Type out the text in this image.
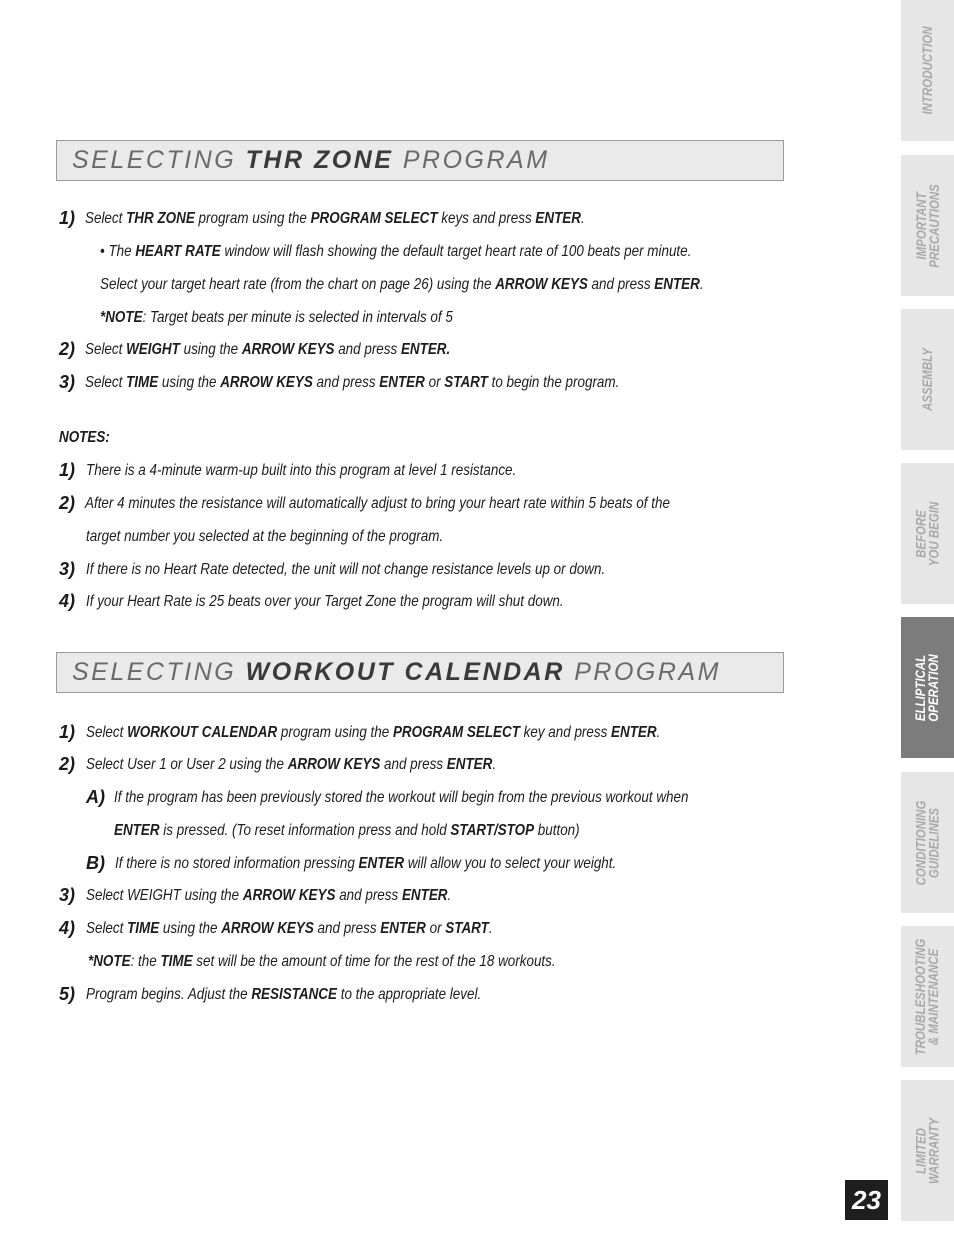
SELECTING THR ZONE PROGRAM
1) Select THR ZONE program using the PROGRAM SELECT keys and press ENTER.
• The HEART RATE window will flash showing the default target heart rate of 100 beats per minute.
Select your target heart rate (from the chart on page 26) using the ARROW KEYS and press ENTER.
*NOTE: Target beats per minute is selected in intervals of 5
2) Select WEIGHT using the ARROW KEYS and press ENTER.
3) Select TIME using the ARROW KEYS and press ENTER or START to begin the program.
NOTES:
1) There is a 4-minute warm-up built into this program at level 1 resistance.
2) After 4 minutes the resistance will automatically adjust to bring your heart rate within 5 beats of the
target number you selected at the beginning of the program.
3) If there is no Heart Rate detected, the unit will not change resistance levels up or down.
4) If your Heart Rate is 25 beats over your Target Zone the program will shut down.
SELECTING WORKOUT CALENDAR PROGRAM
1) Select WORKOUT CALENDAR program using the PROGRAM SELECT key and press ENTER.
2) Select User 1 or User 2 using the ARROW KEYS and press ENTER.
A) If the program has been previously stored the workout will begin from the previous workout when
ENTER is pressed. (To reset information press and hold START/STOP button)
B) If there is no stored information pressing ENTER will allow you to select your weight.
3) Select WEIGHT using the ARROW KEYS and press ENTER.
4) Select TIME using the ARROW KEYS and press ENTER or START.
*NOTE: the TIME set will be the amount of time for the rest of the 18 workouts.
5) Program begins. Adjust the RESISTANCE to the appropriate level.
23
INTRODUCTION
IMPORTANT
PRECAUTIONS
ASSEMBLY
BEFORE
YOU BEGIN
ELLIPTICAL
OPERATION
CONDITIONING
GUIDELINES
TROUBLESHOOTING
& MAINTENANCE
LIMITED
WARRANTY
